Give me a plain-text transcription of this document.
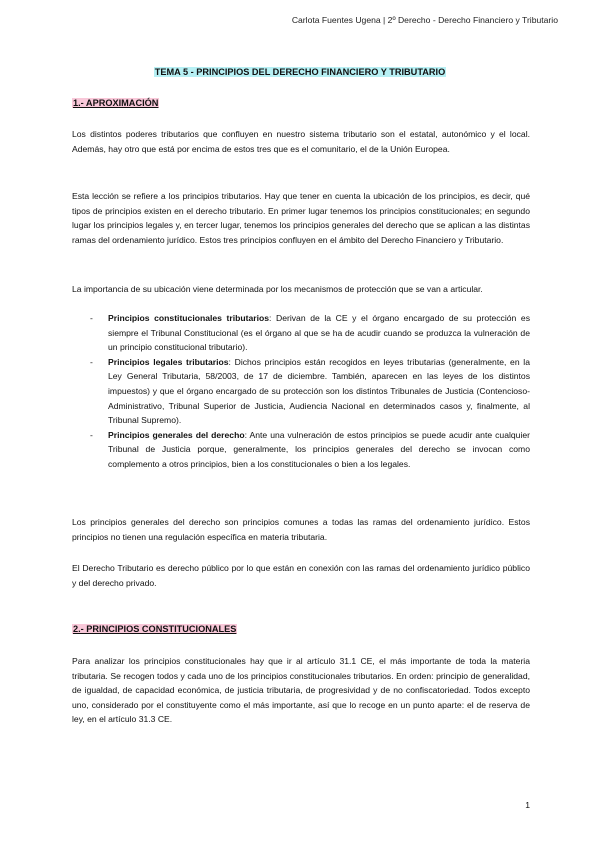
Carlota Fuentes Ugena | 2º Derecho - Derecho Financiero y Tributario
TEMA 5 - PRINCIPIOS DEL DERECHO FINANCIERO Y TRIBUTARIO
1.- APROXIMACIÓN

Los distintos poderes tributarios que confluyen en nuestro sistema tributario son el estatal, autonómico y el local. Además, hay otro que está por encima de estos tres que es el comunitario, el de la Unión Europea.

Esta lección se refiere a los principios tributarios. Hay que tener en cuenta la ubicación de los principios, es decir, qué tipos de principios existen en el derecho tributario. En primer lugar tenemos los principios constitucionales; en segundo lugar los principios legales y, en tercer lugar, tenemos los principios generales del derecho que se aplican a las distintas ramas del ordenamiento jurídico. Estos tres principios confluyen en el ámbito del Derecho Financiero y Tributario.

La importancia de su ubicación viene determinada por los mecanismos de protección que se van a articular.

- Principios constitucionales tributarios: Derivan de la CE y el órgano encargado de su protección es siempre el Tribunal Constitucional (es el órgano al que se ha de acudir cuando se produzca la vulneración de un principio constitucional tributario).
- Principios legales tributarios: Dichos principios están recogidos en leyes tributarias (generalmente, en la Ley General Tributaria, 58/2003, de 17 de diciembre. También, aparecen en las leyes de los distintos impuestos) y que el órgano encargado de su protección son los distintos Tribunales de Justicia (Contencioso-Administrativo, Tribunal Superior de Justicia, Audiencia Nacional en determinados casos y, finalmente, al Tribunal Supremo).
- Principios generales del derecho: Ante una vulneración de estos principios se puede acudir ante cualquier Tribunal de Justicia porque, generalmente, los principios generales del derecho se invocan como complemento a otros principios, bien a los constitucionales o bien a los legales.

Los principios generales del derecho son principios comunes a todas las ramas del ordenamiento jurídico. Estos principios no tienen una regulación específica en materia tributaria.

El Derecho Tributario es derecho público por lo que están en conexión con las ramas del ordenamiento jurídico público y del derecho privado.

2.- PRINCIPIOS CONSTITUCIONALES

Para analizar los principios constitucionales hay que ir al artículo 31.1 CE, el más importante de toda la materia tributaria. Se recogen todos y cada uno de los principios constitucionales tributarios. En orden: principio de generalidad, de igualdad, de capacidad económica, de justicia tributaria, de progresividad y de no confiscatoriedad. Todos excepto uno, considerado por el constituyente como el más importante, así que lo recoge en un punto aparte: el de reserva de ley, en el artículo 31.3 CE.

1
